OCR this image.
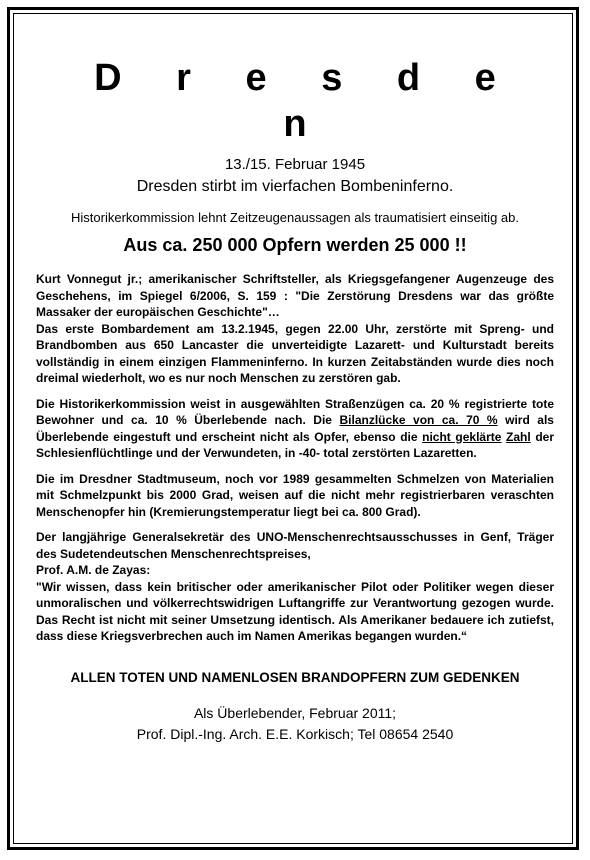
D r e s d e n
13./15. Februar 1945
Dresden stirbt im vierfachen Bombeninferno.
Historikerkommission lehnt Zeitzeugenaussagen als traumatisiert einseitig ab.
Aus ca. 250 000 Opfern werden 25 000 !!

Kurt Vonnegut jr.; amerikanischer Schriftsteller, als Kriegsgefangener Augenzeuge des Geschehens, im Spiegel 6/2006, S. 159 : "Die Zerstörung Dresdens war das größte Massaker der europäischen Geschichte"…

Das erste Bombardement am 13.2.1945, gegen 22.00 Uhr, zerstörte mit Spreng- und Brandbomben aus 650 Lancaster die unverteidigte Lazarett- und Kulturstadt bereits vollständig in einem einzigen Flammeninferno. In kurzen Zeitabständen wurde dies noch dreimal wiederholt, wo es nur noch Menschen zu zerstören gab.

Die Historikerkommission weist in ausgewählten Straßenzügen ca. 20 % registrierte tote Bewohner und ca. 10 % Überlebende nach. Die Bilanzlücke von ca. 70 % wird als Überlebende eingestuft und erscheint nicht als Opfer, ebensо die nicht geklärte Zahl der Schlesienflüchtlinge und der Verwundeten, in -40- total zerstörten Lazaretten.

Die im Dresdner Stadtmuseum, noch vor 1989 gesammelten Schmelzen von Materialien mit Schmelzpunkt bis 2000 Grad, weisen auf die nicht mehr registrierbaren veraschten Menschenopfer hin (Kremierungstemperatur liegt bei ca. 800 Grad).

Der langjährige Generalsekretär des UNO-Menschenrechtsausschusses in Genf, Träger des Sudetendeutschen Menschenrechtspreises,

Prof. A.M. de Zayas:

"Wir wissen, dass kein britischer oder amerikanischer Pilot oder Politiker wegen dieser unmoralischen und völkerrechtswidrigen Luftangriffe zur Verantwortung gezogen wurde. Das Recht ist nicht mit seiner Umsetzung identisch. Als Amerikaner bedauere ich zutiefst, dass diese Kriegsverbrechen auch im Namen Amerikas begangen wurden.“

ALLEN TOTEN UND NAMENLOSEN BRANDOPFERN ZUM GEDENKEN

Als Überlebender, Februar 2011;

Prof. Dipl.-Ing. Arch. E.E. Korkisch; Tel 08654 2540
